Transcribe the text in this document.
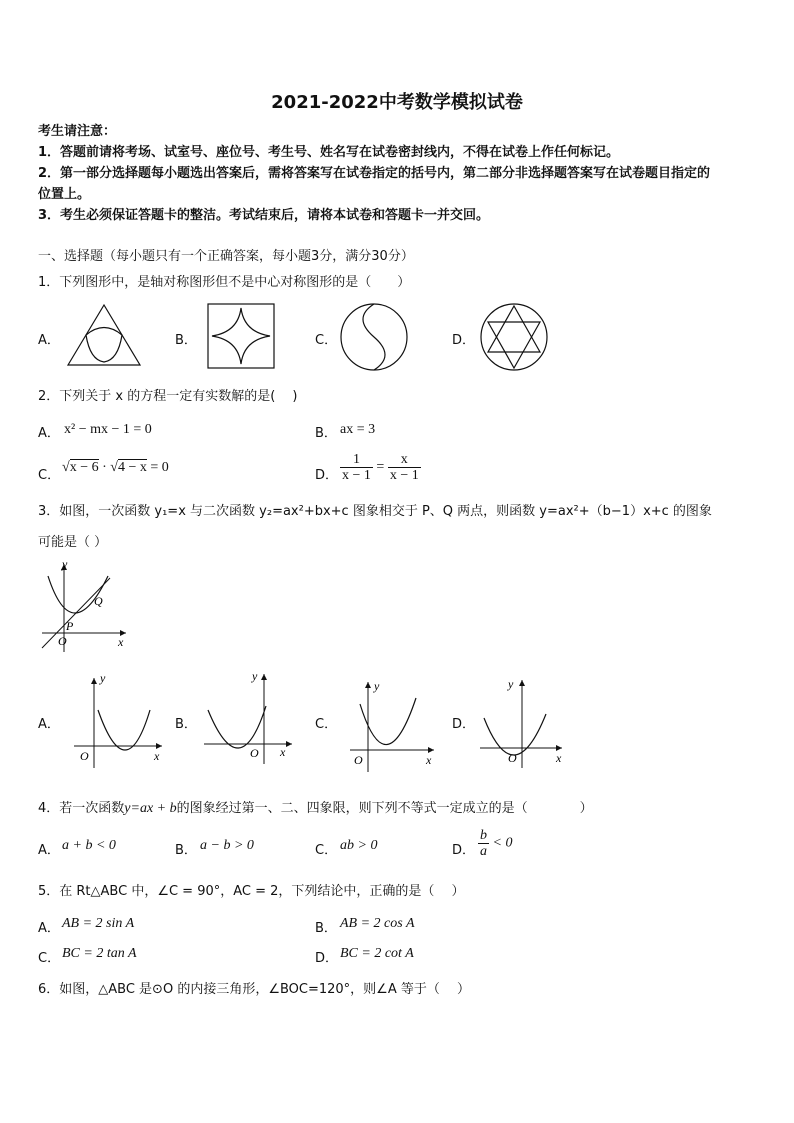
2021-2022中考数学模拟试卷
考生请注意：
1．答题前请将考场、试室号、座位号、考生号、姓名写在试卷密封线内，不得在试卷上作任何标记。
2．第一部分选择题每小题选出答案后，需将答案写在试卷指定的括号内，第二部分非选择题答案写在试卷题目指定的
位置上。
3．考生必须保证答题卡的整洁。考试结束后，请将本试卷和答题卡一并交回。
一、选择题（每小题只有一个正确答案，每小题3分，满分30分）
1．下列图形中，是轴对称图形但不是中心对称图形的是（　　）
A．	B．	C．	D．
2．下列关于 x 的方程一定有实数解的是(　 )
A． x² − mx − 1 = 0	B． ax = 3
C．
√x − 6 · √4 − x = 0
D． $\frac{1}{x - 1} = \frac{x}{x - 1}$
3．如图，一次函数 y₁=x 与二次函数 y₂=ax²+bx+c 图象相交于 P、Q 两点，则函数 y=ax²+（b−1）x+c 的图象
可能是（ ）
y
x
O
P
Q
A．
y
x
O
B．
y
x
O
C．
y
x
O
D．
y
x
O
4．若一次函数y=ax + b的图象经过第一、二、四象限，则下列不等式一定成立的是（　　　　）
A． a + b < 0	B． a − b > 0	C． ab > 0	D． $\frac{b}{a} < 0$
5．在 Rt△ABC 中，∠C = 90°，AC = 2，下列结论中，正确的是（　 ）
A． AB = 2 sin A	B． AB = 2 cos A
C． BC = 2 tan A	D． BC = 2 cot A
6．如图，△ABC 是⊙O 的内接三角形，∠BOC=120°，则∠A 等于（　 ）
